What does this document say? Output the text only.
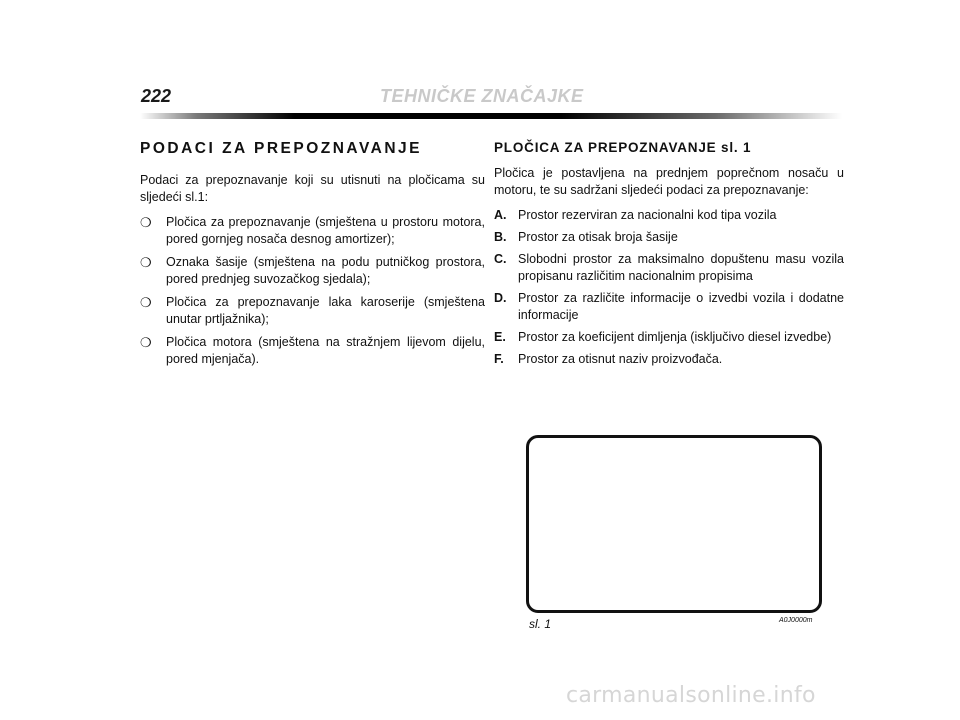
222	TEHNIČKE ZNAČAJKE
PODACI ZA PREPOZNAVANJE

Podaci za prepoznavanje koji su utisnuti na pločicama su sljedeći sl.1:

❍ Pločica za prepoznavanje (smještena u prostoru motora, pored gornjeg nosača desnog amortizer);
❍ Oznaka šasije (smještena na podu putničkog prostora, pored prednjeg suvozačkog sjedala);
❍ Pločica za prepoznavanje laka karoserije (smještena unutar prtljažnika);
❍ Pločica motora (smještena na stražnjem lijevom dijelu, pored mjenjača).
PLOČICA ZA PREPOZNAVANJE sl. 1

Pločica je postavljena na prednjem poprečnom nosaču u motoru, te su sadržani sljedeći podaci za prepoznavanje:

A. Prostor rezerviran za nacionalni kod tipa vozila
B. Prostor za otisak broja šasije
C. Slobodni prostor za maksimalno dopuštenu masu vozila propisanu različitim nacionalnim propisima
D. Prostor za različite informacije o izvedbi vozila i dodatne informacije
E. Prostor za koeficijent dimljenja (isključivo diesel izvedbe)
F. Prostor za otisnut naziv proizvođača.
sl. 1	A0J0000m
carmanualsonline.info
